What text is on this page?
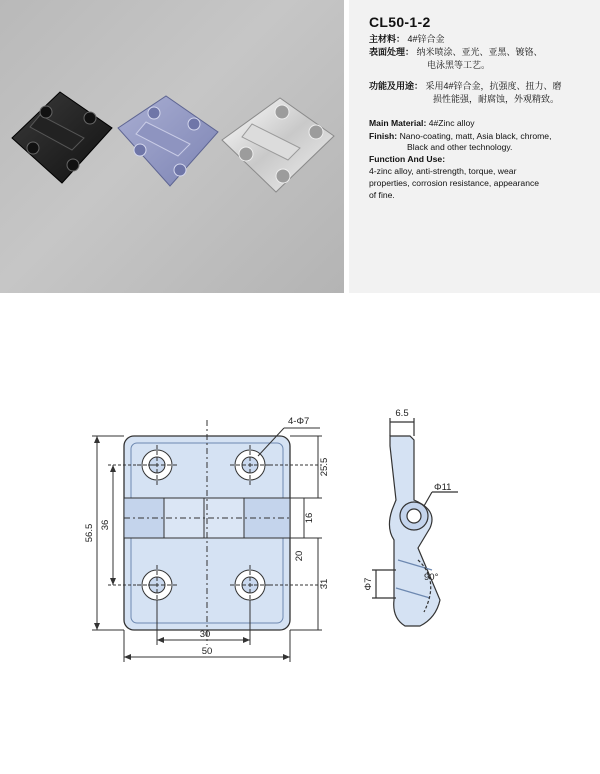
CL50-1-2
主材料： 4#锌合金
表面处理： 纳米喷涂、亚光、亚黑、镀铬、
电泳黑等工艺。
功能及用途： 采用4#锌合金，抗强度、扭力、磨
损性能强，耐腐蚀，外观精致。
Main Material: 4#Zinc alloy
Finish: Nano-coating, matt, Asia black, chrome,
Black and other technology.
Function And Use:
4-zinc alloy, anti-strength, torque, wear
properties, corrosion resistance, appearance
of fine.
4-Φ7
30
50
56.5 36
25.5
16
20
31
6.5
Φ11
Φ7
90°
